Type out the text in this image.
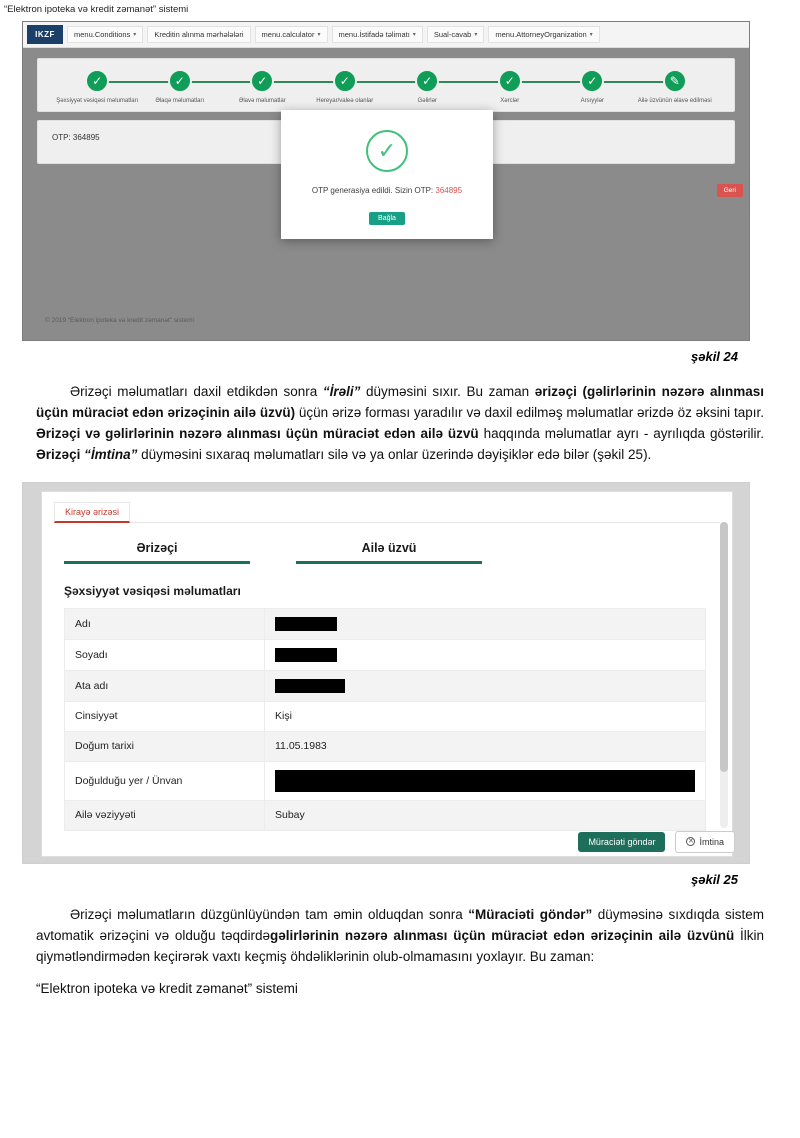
“Elektron ipoteka və kredit zəmanət” sistemi
IKZF	menu.Conditions ▾ Kreditin alınma mərhələləri menu.calculator ▾ menu.İstifadə təlimatı ▾ Sual-cavab ▾ menu.AttorneyOrganization ▾
✓
Şəxsiyyət vəsiqəsi məlumatları
✓
Əlaqə məlumatları
✓
Əlavə məlumatlar
✓
Hereyar/valeə olanlar
✓
Gəlirlər
✓
Xərclər
✓
Arsıyylər
✎
Ailə üzvünün əlavə edilməsi
OTP: 364895
Geri
© 2019 “Elektron ipoteka və kredit zəmanət” sistemi
✓
OTP generasiya edildi. Sizin OTP: 364895
Bağla
şəkil 24
Ərizəçi məlumatları daxil etdikdən sonra “İrəli” düyməsini sıxır. Bu zaman ərizəçi (gəlirlərinin nəzərə alınması üçün müraciət edən ərizəçinin ailə üzvü) üçün ərizə forması yaradılır və daxil edilməş məlumatlar ərizdə öz əksini tapır. Ərizəçi və gəlirlərinin nəzərə alınması üçün müraciət edən ailə üzvü haqqında məlumatlar ayrı - ayrılıqda göstərilir. Ərizəçi “İmtina” düyməsini sıxaraq məlumatları silə və ya onlar üzerində dəyişiklər edə bilər (şəkil 25).
Kirayə ərizəsi
Ərizəçi	Ailə üzvü
Şəxsiyyət vəsiqəsi məlumatları
Adı	
Soyadı	
Ata adı	
Cinsiyyət	Kişi
Doğum tarixi	11.05.1983
Doğulduğu yer / Ünvan	
Ailə vəziyyəti	Subay
Müraciəti göndər	✕ İmtina
şəkil 25
Ərizəçi məlumatların düzgünlüyündən tam əmin olduqdan sonra “Müraciəti göndər” düyməsinə sıxdıqda sistem avtomatik ərizəçini və olduğu təqdirdəgəlirlərinin nəzərə alınması üçün müraciət edən ərizəçinin ailə üzvünü İlkin qiymətləndirmədən keçirərək vaxtı keçmiş öhdəliklərinin olub-olmamasını yoxlayır. Bu zaman:
“Elektron ipoteka və kredit zəmanət” sistemi
